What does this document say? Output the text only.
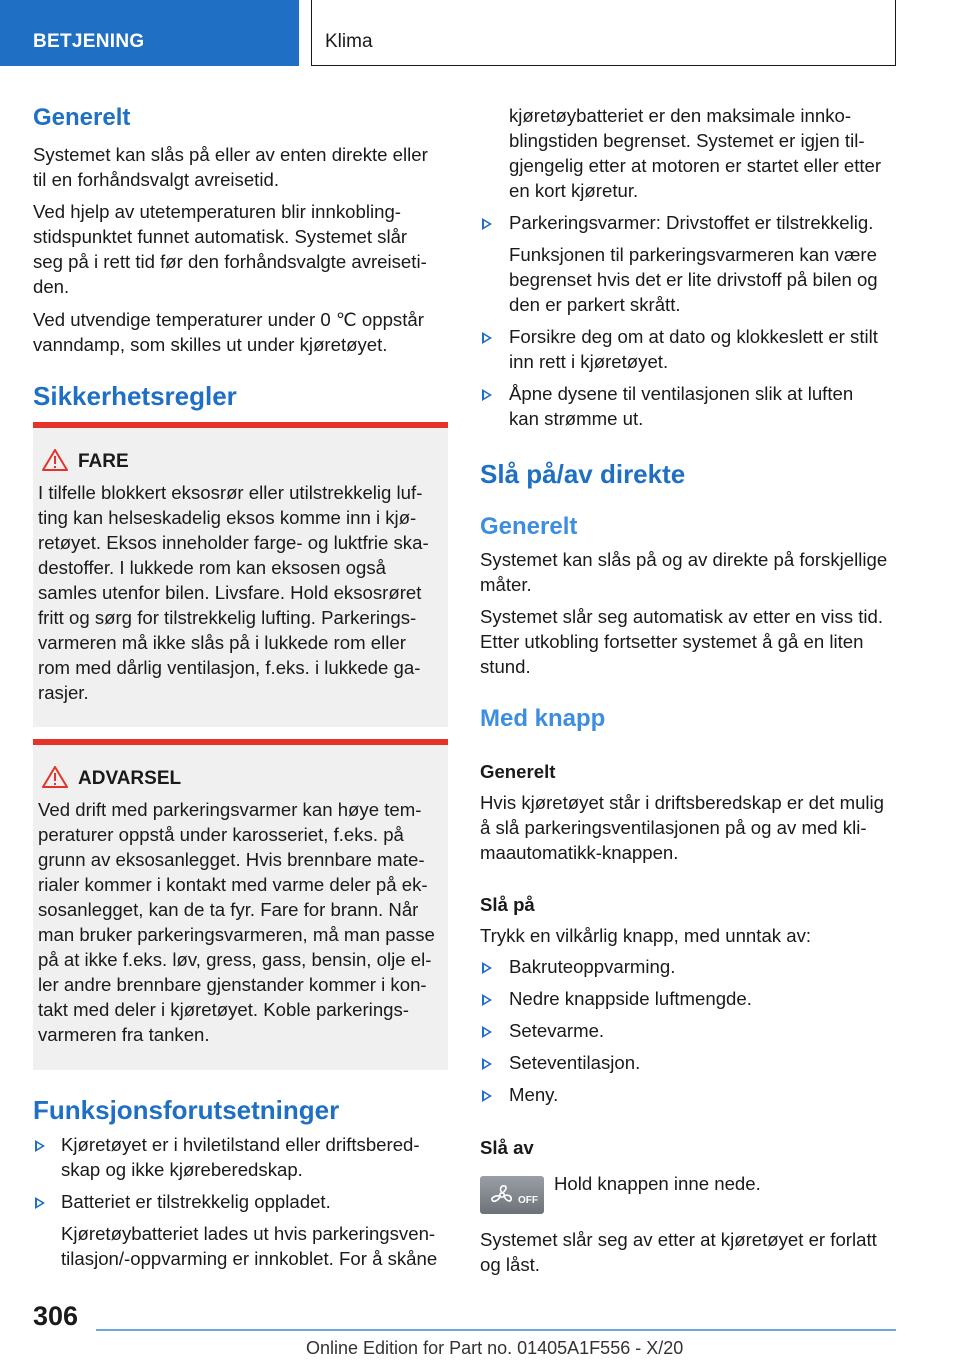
BETJENING	Klima
Generelt
Systemet kan slås på eller av enten direkte eller
til en forhåndsvalgt avreisetid.
Ved hjelp av utetemperaturen blir innkobling-
stidspunktet funnet automatisk. Systemet slår
seg på i rett tid før den forhåndsvalgte avreiseti-
den.
Ved utvendige temperaturer under 0 ℃ oppstår
vanndamp, som skilles ut under kjøretøyet.
Sikkerhetsregler
FARE
I tilfelle blokkert eksosrør eller utilstrekkelig luf-
ting kan helseskadelig eksos komme inn i kjø-
retøyet. Eksos inneholder farge- og luktfrie ska-
destoffer. I lukkede rom kan eksosen også
samles utenfor bilen. Livsfare. Hold eksosrøret
fritt og sørg for tilstrekkelig lufting. Parkerings-
varmeren må ikke slås på i lukkede rom eller
rom med dårlig ventilasjon, f.eks. i lukkede ga-
rasjer.
ADVARSEL
Ved drift med parkeringsvarmer kan høye tem-
peraturer oppstå under karosseriet, f.eks. på
grunn av eksosanlegget. Hvis brennbare mate-
rialer kommer i kontakt med varme deler på ek-
sosanlegget, kan de ta fyr. Fare for brann. Når
man bruker parkeringsvarmeren, må man passe
på at ikke f.eks. løv, gress, gass, bensin, olje el-
ler andre brennbare gjenstander kommer i kon-
takt med deler i kjøretøyet. Koble parkerings-
varmeren fra tanken.
Funksjonsforutsetninger
Kjøretøyet er i hviletilstand eller driftsbered-
skap og ikke kjøreberedskap.
Batteriet er tilstrekkelig oppladet.
Kjøretøybatteriet lades ut hvis parkeringsven-
tilasjon/-oppvarming er innkoblet. For å skåne
kjøretøybatteriet er den maksimale innko-
blingstiden begrenset. Systemet er igjen til-
gjengelig etter at motoren er startet eller etter
en kort kjøretur.
Parkeringsvarmer: Drivstoffet er tilstrekkelig.
Funksjonen til parkeringsvarmeren kan være
begrenset hvis det er lite drivstoff på bilen og
den er parkert skrått.
Forsikre deg om at dato og klokkeslett er stilt
inn rett i kjøretøyet.
Åpne dysene til ventilasjonen slik at luften
kan strømme ut.
Slå på/av direkte
Generelt
Systemet kan slås på og av direkte på forskjellige
måter.
Systemet slår seg automatisk av etter en viss tid.
Etter utkobling fortsetter systemet å gå en liten
stund.
Med knapp
Generelt
Hvis kjøretøyet står i driftsberedskap er det mulig
å slå parkeringsventilasjonen på og av med kli-
maautomatikk-knappen.
Slå på
Trykk en vilkårlig knapp, med unntak av:
Bakruteoppvarming.
Nedre knappside luftmengde.
Setevarme.
Seteventilasjon.
Meny.
Slå av
OFF
Hold knappen inne nede.
Systemet slår seg av etter at kjøretøyet er forlatt
og låst.
306
Online Edition for Part no. 01405A1F556 - X/20
